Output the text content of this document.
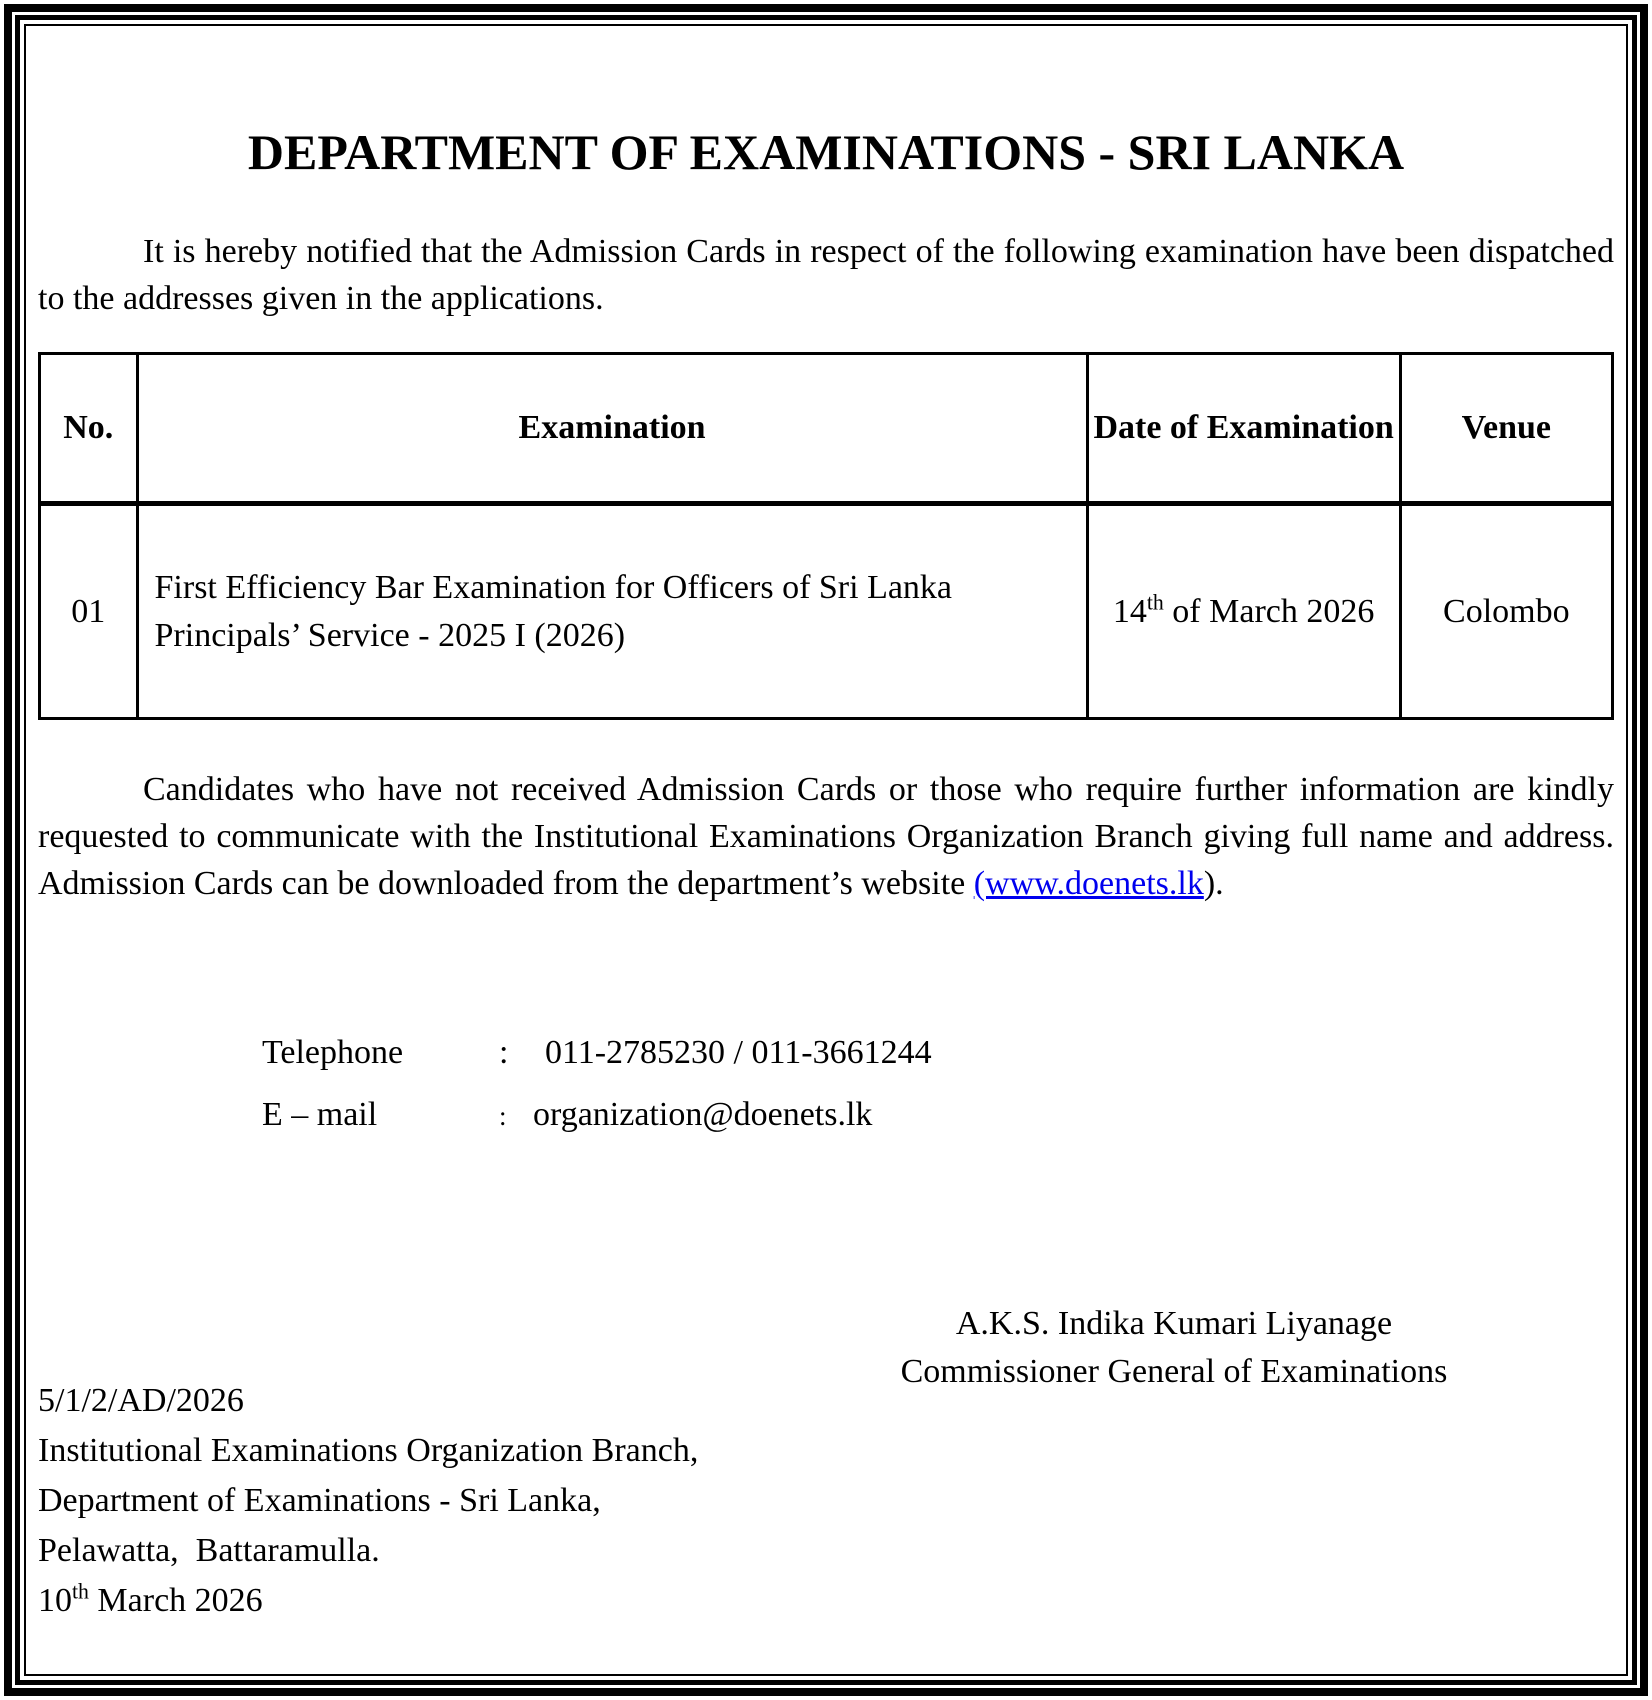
DEPARTMENT OF EXAMINATIONS - SRI LANKA

It is hereby notified that the Admission Cards in respect of the following examination have been dispatched to the addresses given in the applications.

No.	Examination	Date of Examination	Venue
01	First Efficiency Bar Examination for Officers of Sri Lanka Principals’ Service - 2025 I (2026)	14th of March 2026	Colombo

Candidates who have not received Admission Cards or those who require further information are kindly requested to communicate with the Institutional Examinations Organization Branch giving full name and address. Admission Cards can be downloaded from the department’s website (www.doenets.lk).

Telephone	:	011-2785230 / 011-3661244
E – mail	: organization@doenets.lk
A.K.S. Indika Kumari Liyanage
Commissioner General of Examinations
5/1/2/AD/2026
Institutional Examinations Organization Branch,
Department of Examinations - Sri Lanka,
Pelawatta,  Battaramulla.
10th March 2026
